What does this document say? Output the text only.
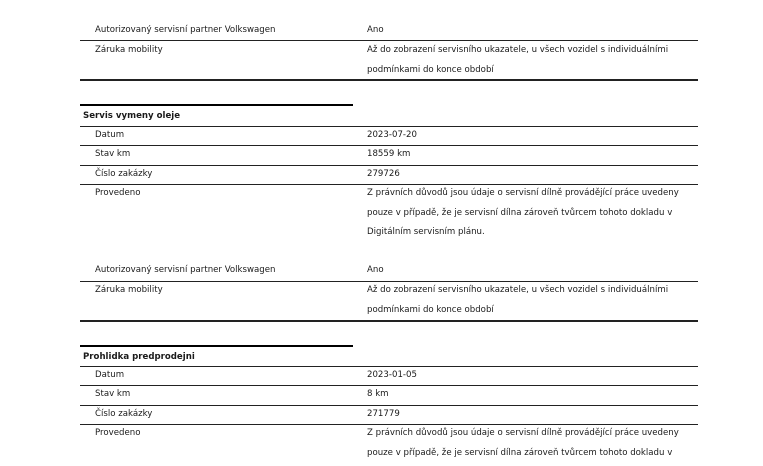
Autorizovaný servisní partner Volkswagen	Ano
Záruka mobility	Až do zobrazení servisního ukazatele, u všech vozidel s individuálními podmínkami do konce období
Servis vymeny oleje
Datum	2023-07-20
Stav km	18559 km
Číslo zakázky	279726
Provedeno	Z právních důvodů jsou údaje o servisní dílně provádějící práce uvedeny pouze v případě, že je servisní dílna zároveň tvůrcem tohoto dokladu v Digitálním servisním plánu.
Autorizovaný servisní partner Volkswagen	Ano
Záruka mobility	Až do zobrazení servisního ukazatele, u všech vozidel s individuálními podmínkami do konce období
Prohlidka predprodejni
Datum	2023-01-05
Stav km	8 km
Číslo zakázky	271779
Provedeno	Z právních důvodů jsou údaje o servisní dílně provádějící práce uvedeny pouze v případě, že je servisní dílna zároveň tvůrcem tohoto dokladu v
